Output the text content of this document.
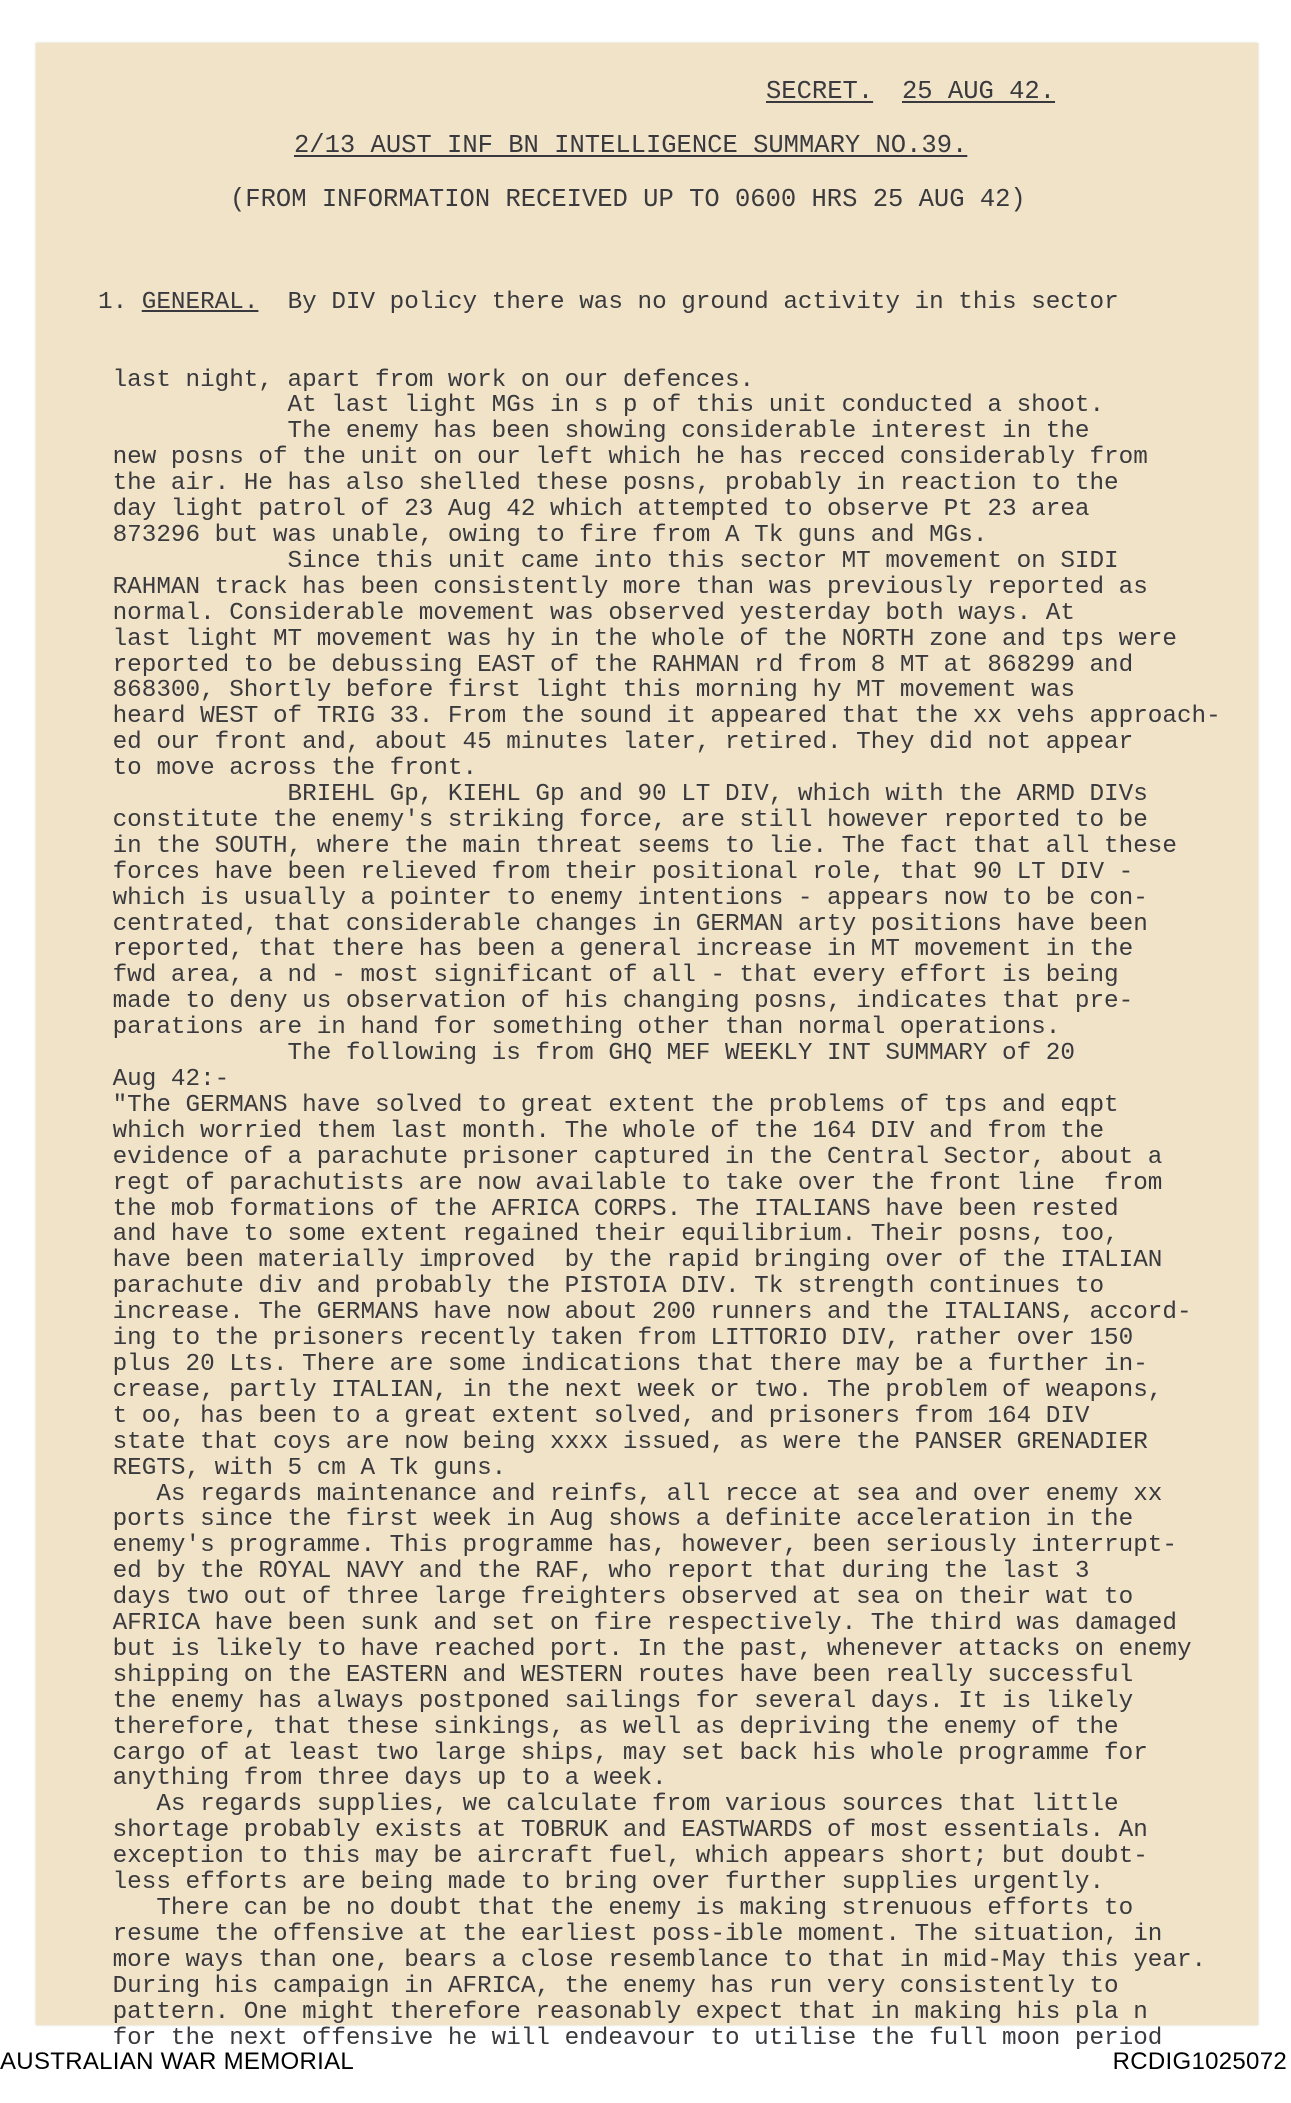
SECRET. 25 AUG 42.
2/13 AUST INF BN INTELLIGENCE SUMMARY NO.39.
(FROM INFORMATION RECEIVED UP TO 0600 HRS 25 AUG 42)

1. GENERAL.  By DIV policy there was no ground activity in this sector

last night, apart from work on our defences.
At last light MGs in s p of this unit conducted a shoot.
The enemy has been showing considerable interest in the
new posns of the unit on our left which he has recced considerably from
the air. He has also shelled these posns, probably in reaction to the
day light patrol of 23 Aug 42 which attempted to observe Pt 23 area
873296 but was unable, owing to fire from A Tk guns and MGs.
Since this unit came into this sector MT movement on SIDI
RAHMAN track has been consistently more than was previously reported as
normal. Considerable movement was observed yesterday both ways. At
last light MT movement was hy in the whole of the NORTH zone and tps were
reported to be debussing EAST of the RAHMAN rd from 8 MT at 868299 and
868300, Shortly before first light this morning hy MT movement was
heard WEST of TRIG 33. From the sound it appeared that the xx vehs approach-
ed our front and, about 45 minutes later, retired. They did not appear
to move across the front.
BRIEHL Gp, KIEHL Gp and 90 LT DIV, which with the ARMD DIVs
constitute the enemy's striking force, are still however reported to be
in the SOUTH, where the main threat seems to lie. The fact that all these
forces have been relieved from their positional role, that 90 LT DIV -
which is usually a pointer to enemy intentions - appears now to be con-
centrated, that considerable changes in GERMAN arty positions have been
reported, that there has been a general increase in MT movement in the
fwd area, a nd - most significant of all - that every effort is being
made to deny us observation of his changing posns, indicates that pre-
parations are in hand for something other than normal operations.
The following is from GHQ MEF WEEKLY INT SUMMARY of 20
Aug 42:-
"The GERMANS have solved to great extent the problems of tps and eqpt
which worried them last month. The whole of the 164 DIV and from the
evidence of a parachute prisoner captured in the Central Sector, about a
regt of parachutists are now available to take over the front line  from
the mob formations of the AFRICA CORPS. The ITALIANS have been rested
and have to some extent regained their equilibrium. Their posns, too,
have been materially improved  by the rapid bringing over of the ITALIAN
parachute div and probably the PISTOIA DIV. Tk strength continues to
increase. The GERMANS have now about 200 runners and the ITALIANS, accord-
ing to the prisoners recently taken from LITTORIO DIV, rather over 150
plus 20 Lts. There are some indications that there may be a further in-
crease, partly ITALIAN, in the next week or two. The problem of weapons,
t oo, has been to a great extent solved, and prisoners from 164 DIV
state that coys are now being xxxx issued, as were the PANSER GRENADIER
REGTS, with 5 cm A Tk guns.
As regards maintenance and reinfs, all recce at sea and over enemy xx
ports since the first week in Aug shows a definite acceleration in the
enemy's programme. This programme has, however, been seriously interrupt-
ed by the ROYAL NAVY and the RAF, who report that during the last 3
days two out of three large freighters observed at sea on their wat to
AFRICA have been sunk and set on fire respectively. The third was damaged
but is likely to have reached port. In the past, whenever attacks on enemy
shipping on the EASTERN and WESTERN routes have been really successful
the enemy has always postponed sailings for several days. It is likely
therefore, that these sinkings, as well as depriving the enemy of the
cargo of at least two large ships, may set back his whole programme for
anything from three days up to a week.
As regards supplies, we calculate from various sources that little
shortage probably exists at TOBRUK and EASTWARDS of most essentials. An
exception to this may be aircraft fuel, which appears short; but doubt-
less efforts are being made to bring over further supplies urgently.
There can be no doubt that the enemy is making strenuous efforts to
resume the offensive at the earliest poss-ible moment. The situation, in
more ways than one, bears a close resemblance to that in mid-May this year.
During his campaign in AFRICA, the enemy has run very consistently to
pattern. One might therefore reasonably expect that in making his pla n
for the next offensive he will endeavour to utilise the full moon period

AUSTRALIAN WAR MEMORIAL	RCDIG1025072
